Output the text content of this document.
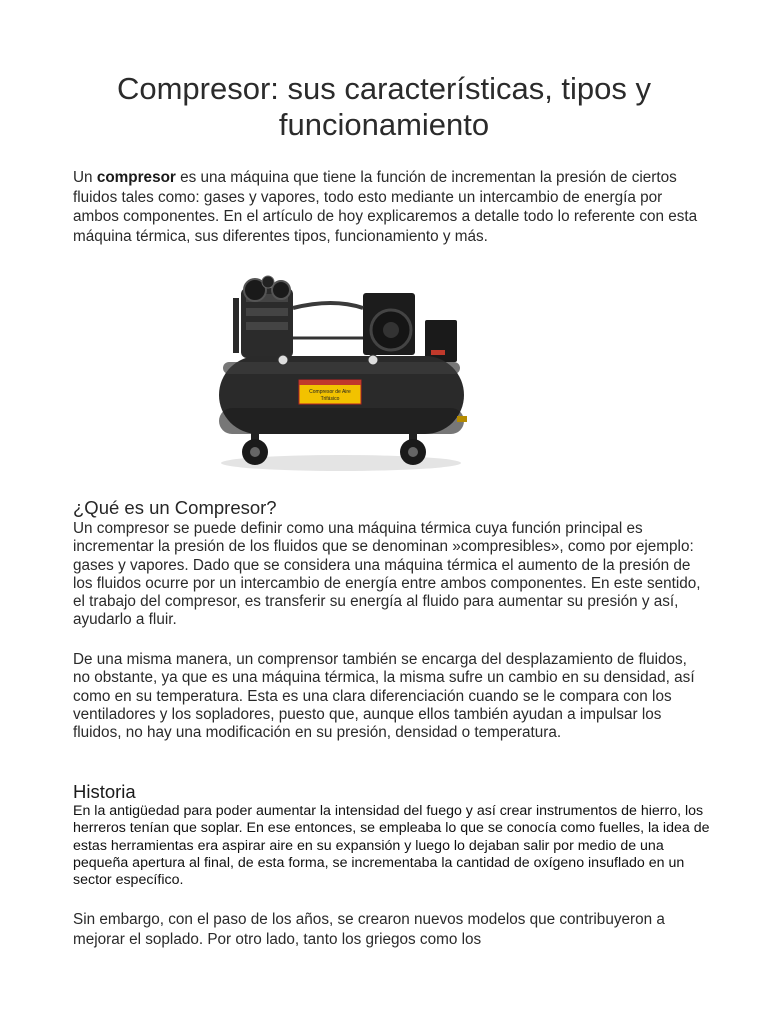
Compresor: sus características, tipos y funcionamiento

Un compresor es una máquina que tiene la función de incrementan la presión de ciertos fluidos tales como: gases y vapores, todo esto mediante un intercambio de energía por ambos componentes. En el artículo de hoy explicaremos a detalle todo lo referente con esta máquina térmica, sus diferentes tipos, funcionamiento y más.

Compresor de Aire
Trifásico
¿Qué es un Compresor?

Un compresor se puede definir como una máquina térmica cuya función principal es incrementar la presión de los fluidos que se denominan »compresibles», como por ejemplo: gases y vapores. Dado que se considera una máquina térmica el aumento de la presión de los fluidos ocurre por un intercambio de energía entre ambos componentes. En este sentido, el trabajo del compresor, es transferir su energía al fluido para aumentar su presión y así, ayudarlo a fluir.

De una misma manera, un comprensor también se encarga del desplazamiento de fluidos, no obstante, ya que es una máquina térmica, la misma sufre un cambio en su densidad, así como en su temperatura. Esta es una clara diferenciación cuando se le compara con los ventiladores y los sopladores, puesto que, aunque ellos también ayudan a impulsar los fluidos, no hay una modificación en su presión, densidad o temperatura.

Historia

En la antigüedad para poder aumentar la intensidad del fuego y así crear instrumentos de hierro, los herreros tenían que soplar. En ese entonces, se empleaba lo que se conocía como fuelles, la idea de estas herramientas era aspirar aire en su expansión y luego lo dejaban salir por medio de una pequeña apertura al final, de esta forma, se incrementaba la cantidad de oxígeno insuflado en un sector específico.

Sin embargo, con el paso de los años, se crearon nuevos modelos que contribuyeron a mejorar el soplado. Por otro lado, tanto los griegos como los
